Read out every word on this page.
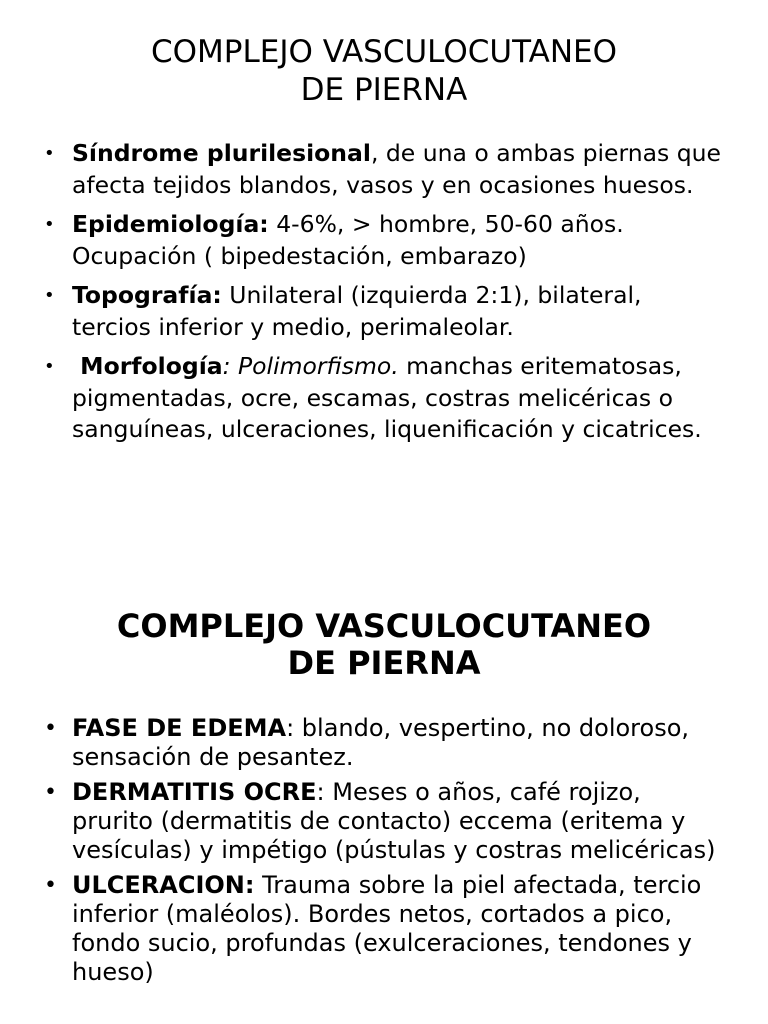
COMPLEJO VASCULOCUTANEO
DE PIERNA
• Síndrome plurilesional, de una o ambas piernas que afecta tejidos blandos, vasos y en ocasiones huesos.
• Epidemiología: 4-6%, > hombre, 50-60 años. Ocupación ( bipedestación, embarazo)
• Topografía: Unilateral (izquierda 2:1), bilateral, tercios inferior y medio, perimaleolar.
• Morfología: Polimorfismo. manchas eritematosas, pigmentadas, ocre, escamas, costras melicéricas o sanguíneas, ulceraciones, liquenificación y cicatrices.
COMPLEJO VASCULOCUTANEO
DE PIERNA
• FASE DE EDEMA: blando, vespertino, no doloroso, sensación de pesantez.
• DERMATITIS OCRE: Meses o años, café rojizo, prurito (dermatitis de contacto) eccema (eritema y vesículas) y impétigo (pústulas y costras melicéricas)
• ULCERACION: Trauma sobre la piel afectada, tercio inferior (maléolos). Bordes netos, cortados a pico, fondo sucio, profundas (exulceraciones, tendones y hueso)
